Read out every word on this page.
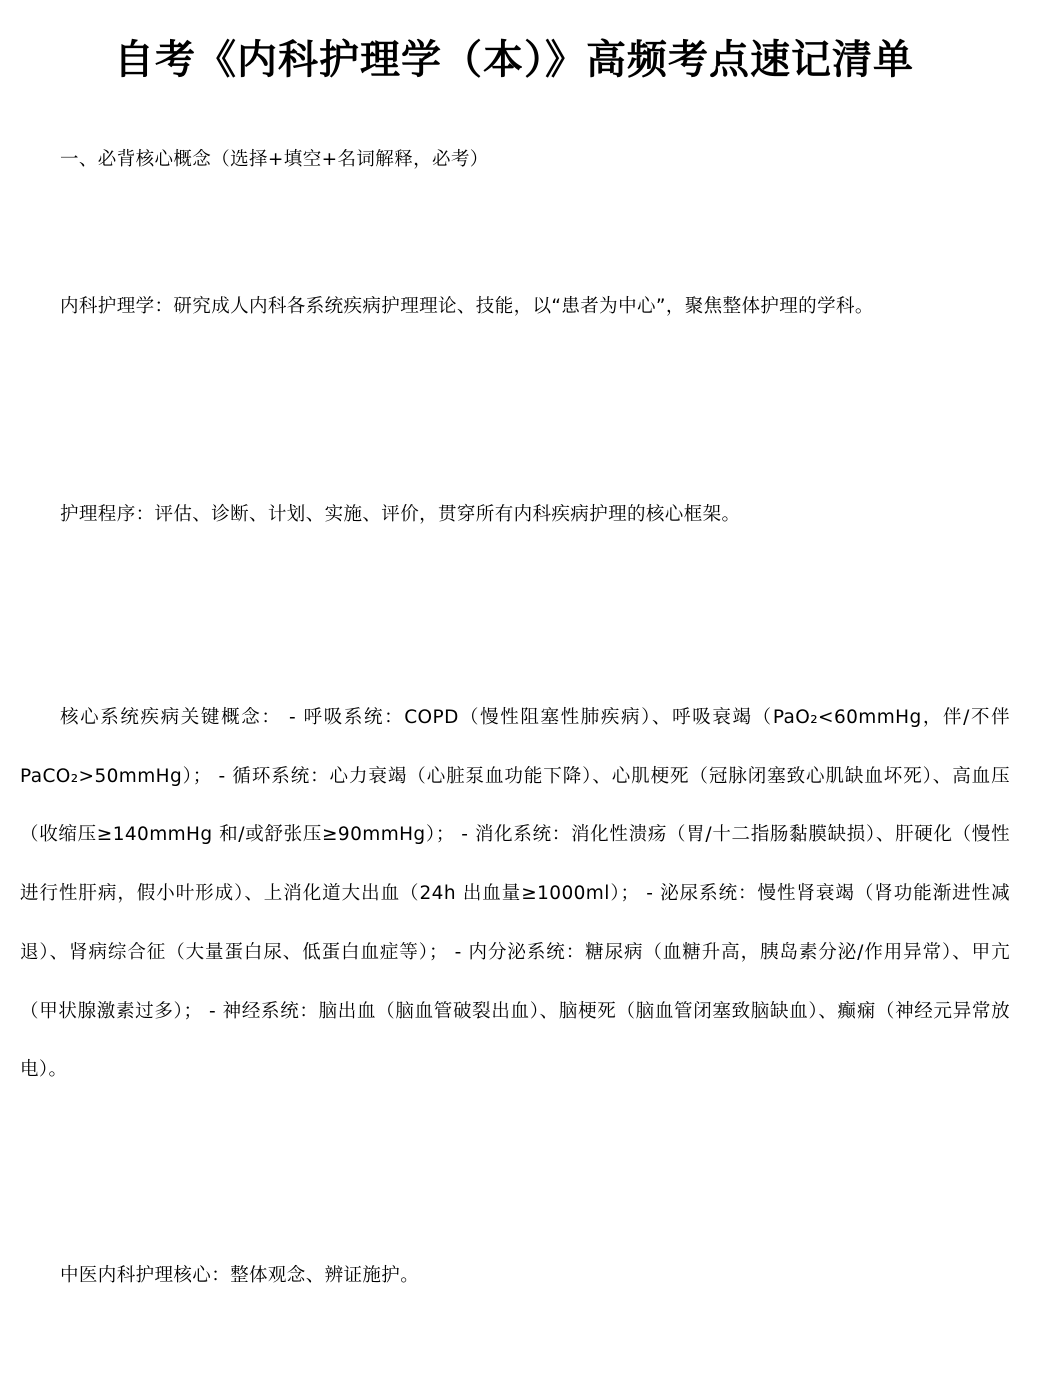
自考《内科护理学（本）》高频考点速记清单

一、必背核心概念（选择+填空+名词解释，必考）

内科护理学：研究成人内科各系统疾病护理理论、技能，以“患者为中心”，聚焦整体护理的学科。

护理程序：评估、诊断、计划、实施、评价，贯穿所有内科疾病护理的核心框架。

核心系统疾病关键概念： - 呼吸系统：COPD（慢性阻塞性肺疾病）、呼吸衰竭（PaO₂<60mmHg，伴/不伴 PaCO₂>50mmHg）； - 循环系统：心力衰竭（心脏泵血功能下降）、心肌梗死（冠脉闭塞致心肌缺血坏死）、高血压（收缩压≥140mmHg 和/或舒张压≥90mmHg）； - 消化系统：消化性溃疡（胃/十二指肠黏膜缺损）、肝硬化（慢性进行性肝病，假小叶形成）、上消化道大出血（24h 出血量≥1000ml）； - 泌尿系统：慢性肾衰竭（肾功能渐进性减退）、肾病综合征（大量蛋白尿、低蛋白血症等）； - 内分泌系统：糖尿病（血糖升高，胰岛素分泌/作用异常）、甲亢（甲状腺激素过多）； - 神经系统：脑出血（脑血管破裂出血）、脑梗死（脑血管闭塞致脑缺血）、癫痫（神经元异常放电）。

中医内科护理核心：整体观念、辨证施护。
